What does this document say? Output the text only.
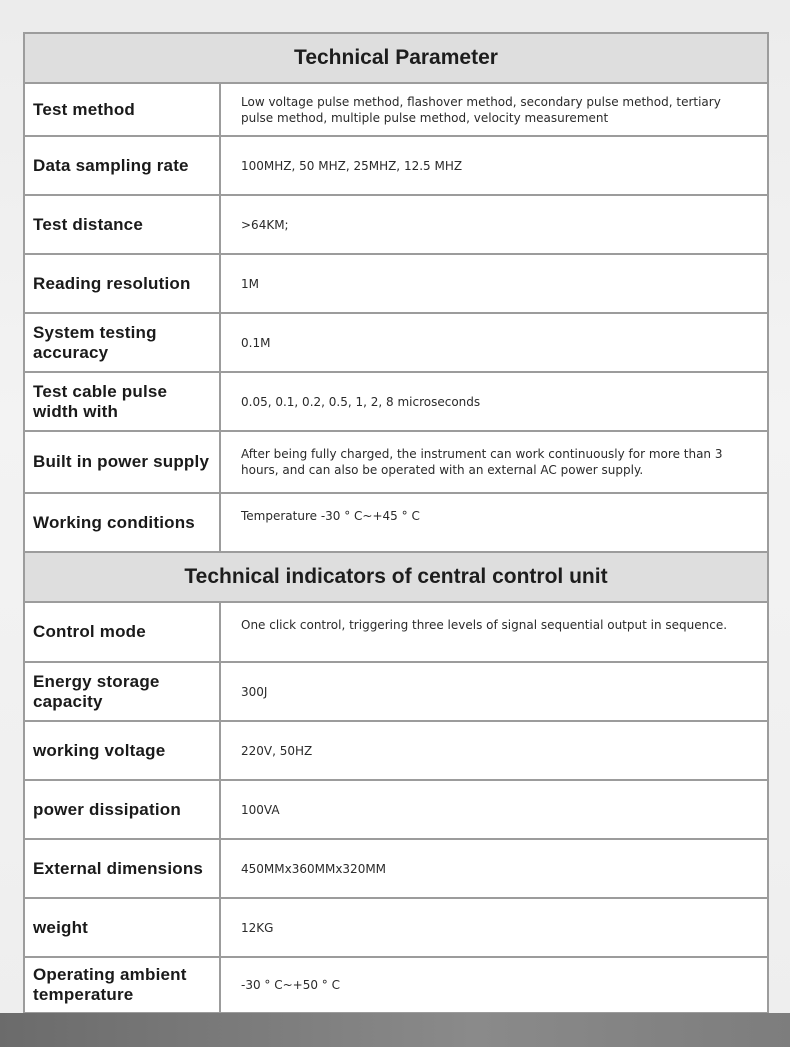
Technical Parameter
Test method	Low voltage pulse method, flashover method, secondary pulse method, tertiary pulse method, multiple pulse method, velocity measurement
Data sampling rate	100MHZ, 50 MHZ, 25MHZ, 12.5 MHZ
Test distance	>64KM;
Reading resolution	1M
System testing accuracy	0.1M
Test cable pulse width with	0.05, 0.1, 0.2, 0.5, 1, 2, 8 microseconds
Built in power supply	After being fully charged, the instrument can work continuously for more than 3 hours, and can also be operated with an external AC power supply.
Working conditions	Temperature -30 ° C~+45 ° C
Technical indicators of central control unit
Control mode	One click control, triggering three levels of signal sequential output in sequence.
Energy storage capacity	300J
working voltage	220V, 50HZ
power dissipation	100VA
External dimensions	450MMx360MMx320MM
weight	12KG
Operating ambient temperature	-30 ° C~+50 ° C
